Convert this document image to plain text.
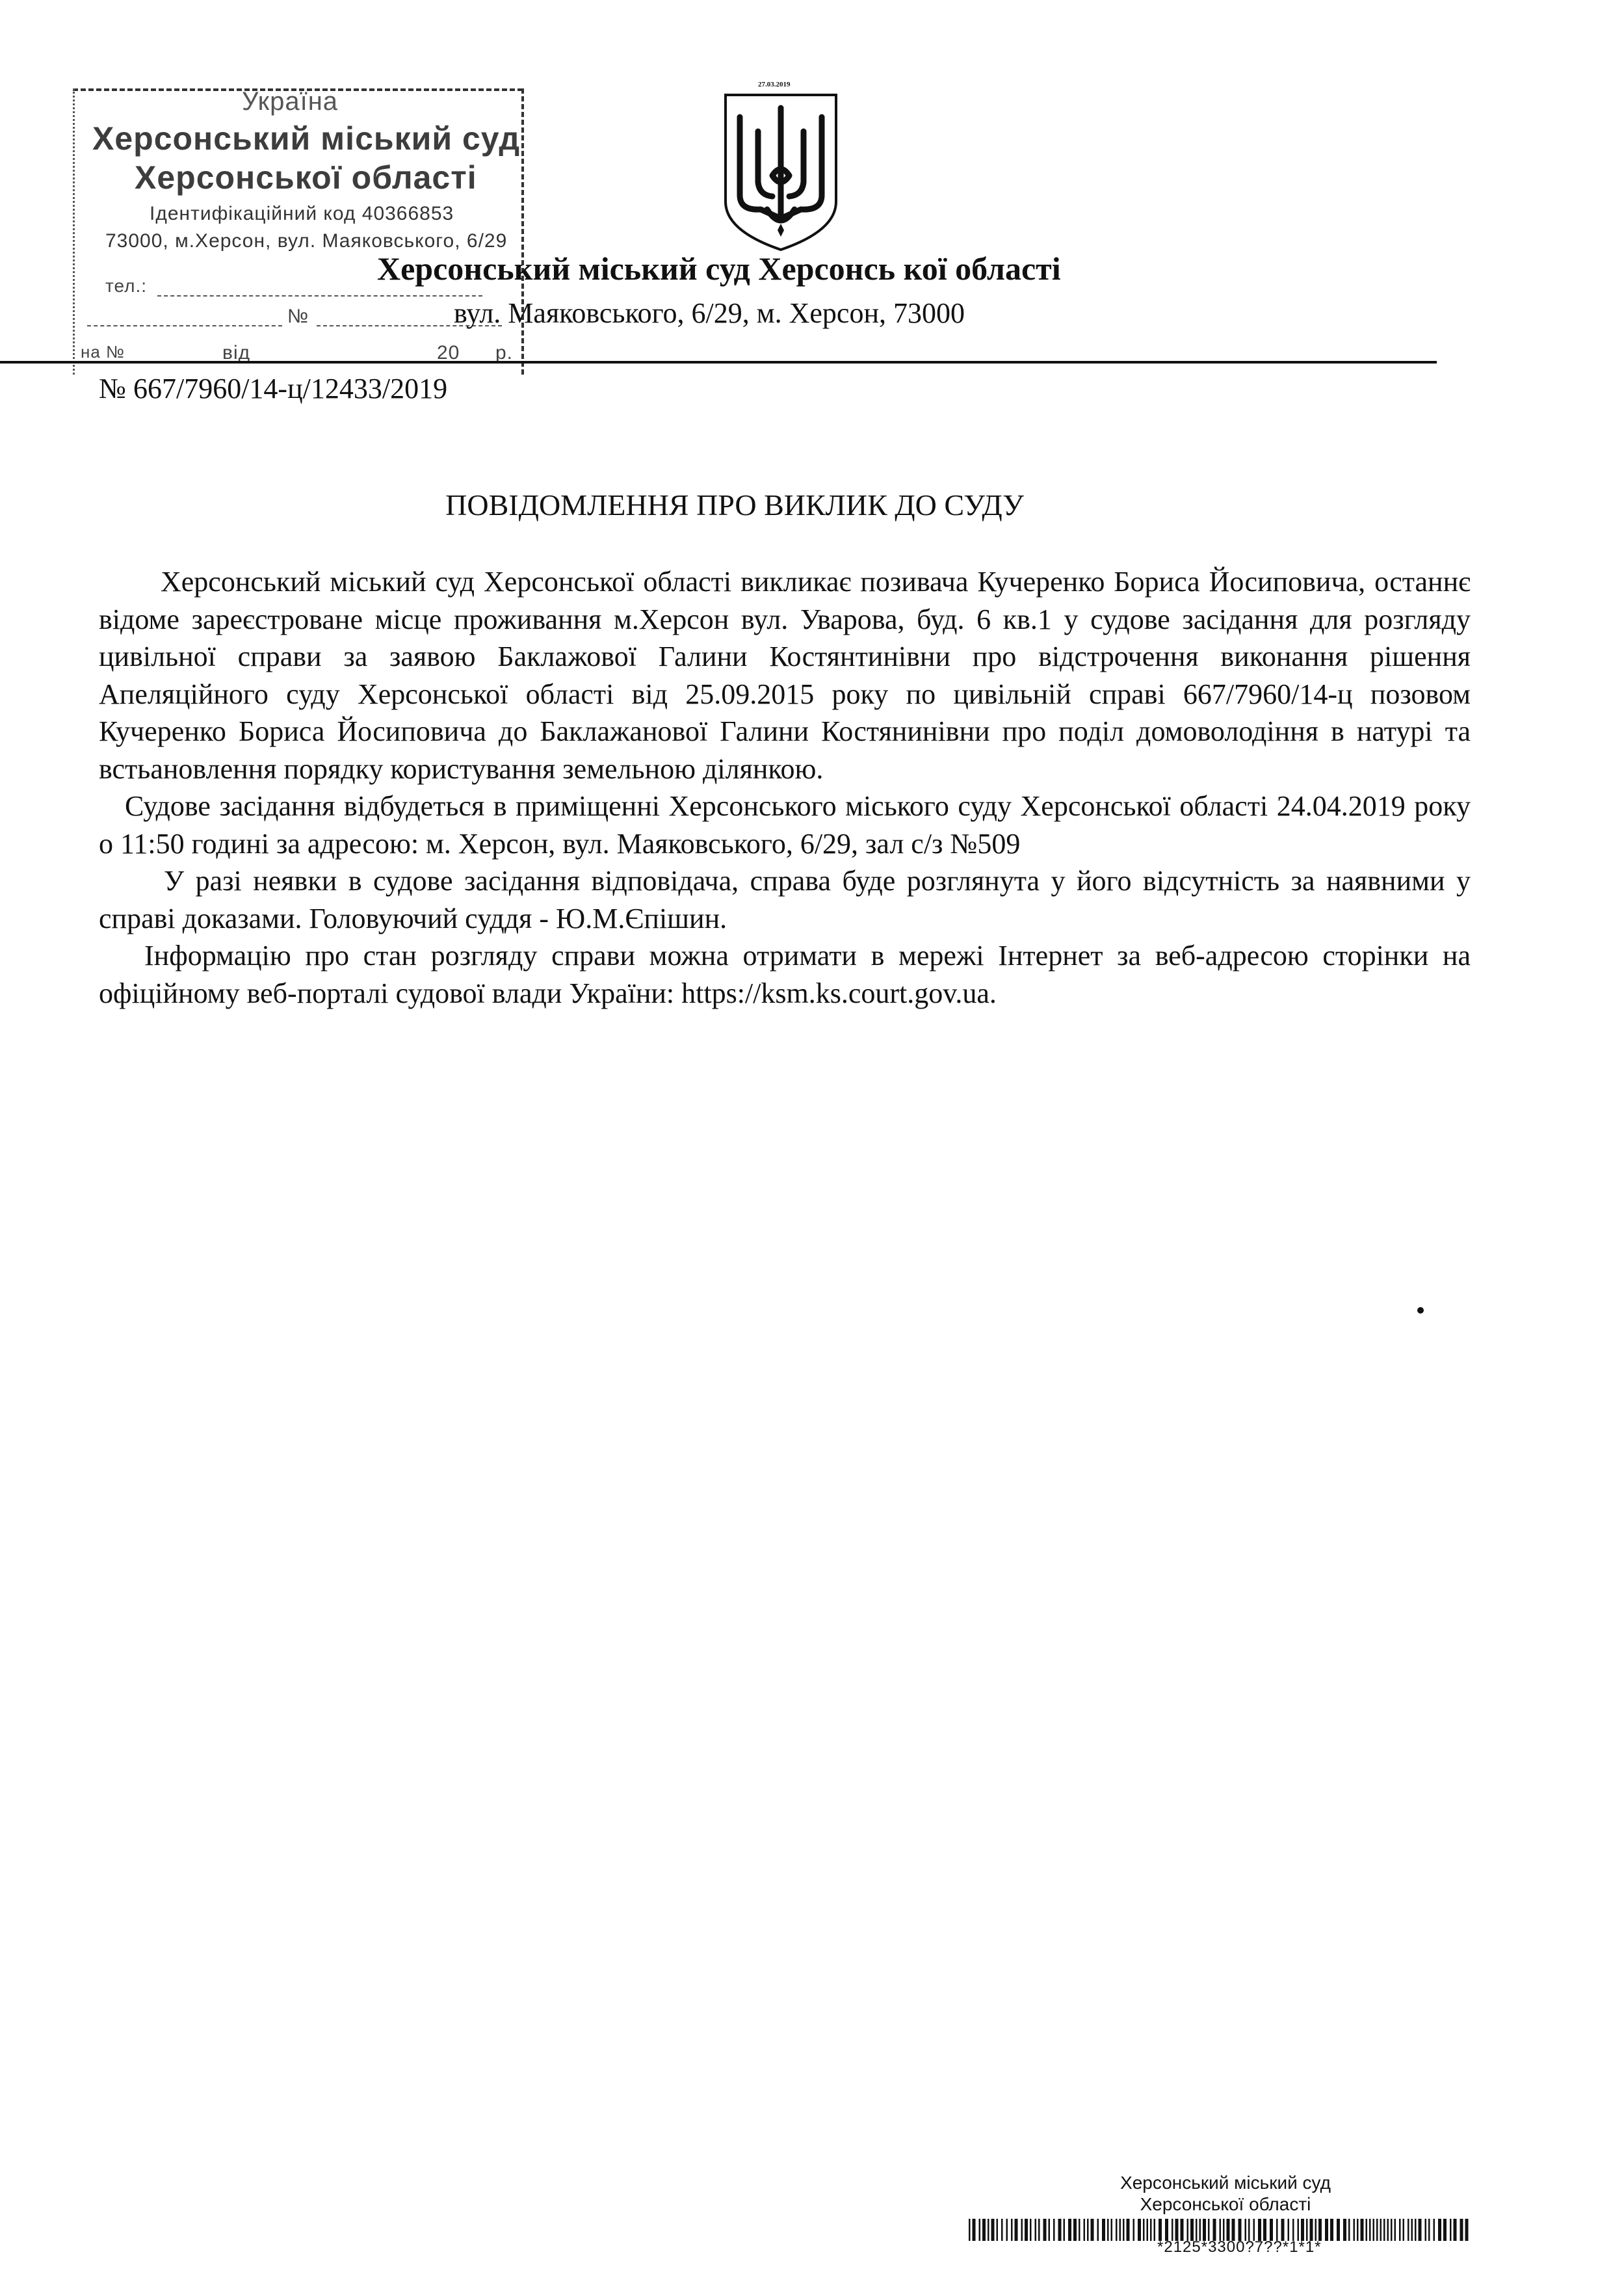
Україна
Херсонський міський суд
Херсонської області
Ідентифікаційний код 40366853
73000, м.Херсон, вул. Маяковського, 6/29
тел.:
№
на №	від	20 р.
27.03.2019
Херсонський міський суд Херсонсь кої області
вул. Маяковського, 6/29, м. Херсон, 73000
№ 667/7960/14-ц/12433/2019
ПОВІДОМЛЕННЯ ПРО ВИКЛИК ДО СУДУ

Херсонський міський суд Херсонської області викликає позивача Кучеренко Бориса Йосиповича, останнє відоме зареєстроване місце проживання м.Херсон вул. Уварова, буд. 6 кв.1 у судове засідання для розгляду цивільної справи за заявою Баклажової Галини Костянтинівни про відстрочення виконання рішення Апеляційного суду Херсонської області від 25.09.2015 року по цивільній справі 667/7960/14-ц позовом Кучеренко Бориса Йосиповича до Баклажанової Галини Костянинівни про поділ домоволодіння в натурі та встьановлення порядку користування земельною ділянкою.

Судове засідання відбудеться в приміщенні Херсонського міського суду Херсонської області 24.04.2019 року о 11:50 годині за адресою: м. Херсон, вул. Маяковського, 6/29, зал с/з №509

У разі неявки в судове засідання відповідача, справа буде розглянута у його відсутність за наявними у справі доказами. Головуючий суддя - Ю.М.Єпішин.

Інформацію про стан розгляду справи можна отримати в мережі Інтернет за веб-адресою сторінки на офіційному веб-порталі судової влади України: https://ksm.ks.court.gov.ua.

Херсонський міський суд
Херсонської області
*2125*3300?7??*1*1*
